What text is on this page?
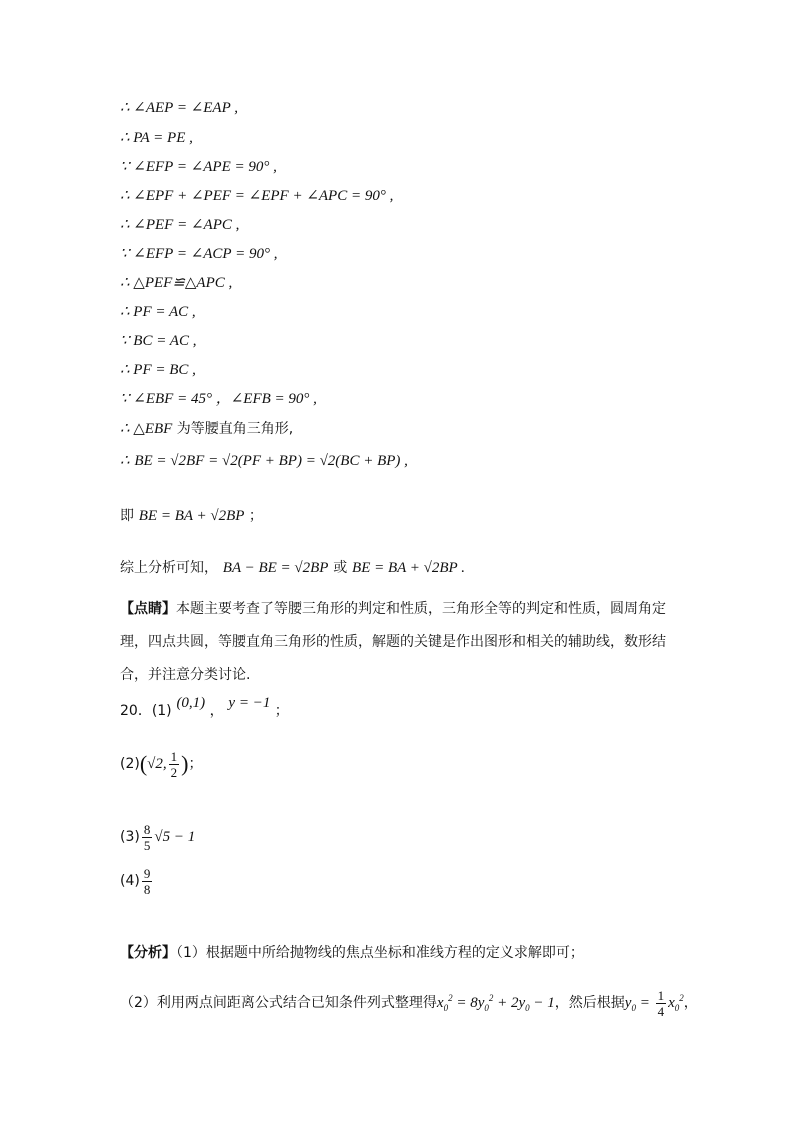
∴ ∠AEP = ∠EAP ,
∴ PA = PE ,
∵ ∠EFP = ∠APE = 90° ,
∴ ∠EPF + ∠PEF = ∠EPF + ∠APC = 90° ,
∴ ∠PEF = ∠APC ,
∵ ∠EFP = ∠ACP = 90° ,
∴ △PEF≌△APC ,
∴ PF = AC ,
∵ BC = AC ,
∴ PF = BC ,
∵ ∠EBF = 45° ，∠EFB = 90° ,
∴ △EBF 为等腰直角三角形,
∴ BE = √2BF = √2(PF + BP) = √2(BC + BP) ,
即 BE = BA + √2BP ；
综上分析可知， BA − BE = √2BP 或 BE = BA + √2BP .
【点睛】本题主要考查了等腰三角形的判定和性质，三角形全等的判定和性质，圆周角定理，四点共圆，等腰直角三角形的性质，解题的关键是作出图形和相关的辅助线，数形结合，并注意分类讨论.
20．(1) (0,1) ， y = −1 ；
(2)(√2, $\frac{1}{2}$ )；
$(3) \frac{8}{5} √5 - 1$
$(4) \frac{9}{8}$
【分析】（1）根据题中所给抛物线的焦点坐标和准线方程的定义求解即可；
（2）利用两点间距离公式结合已知条件列式整理得$x_0^2 = 8y_0^2 + 2y_0 - 1$，然后根据$y_0 = \frac{1}{4} x_0^2$，
